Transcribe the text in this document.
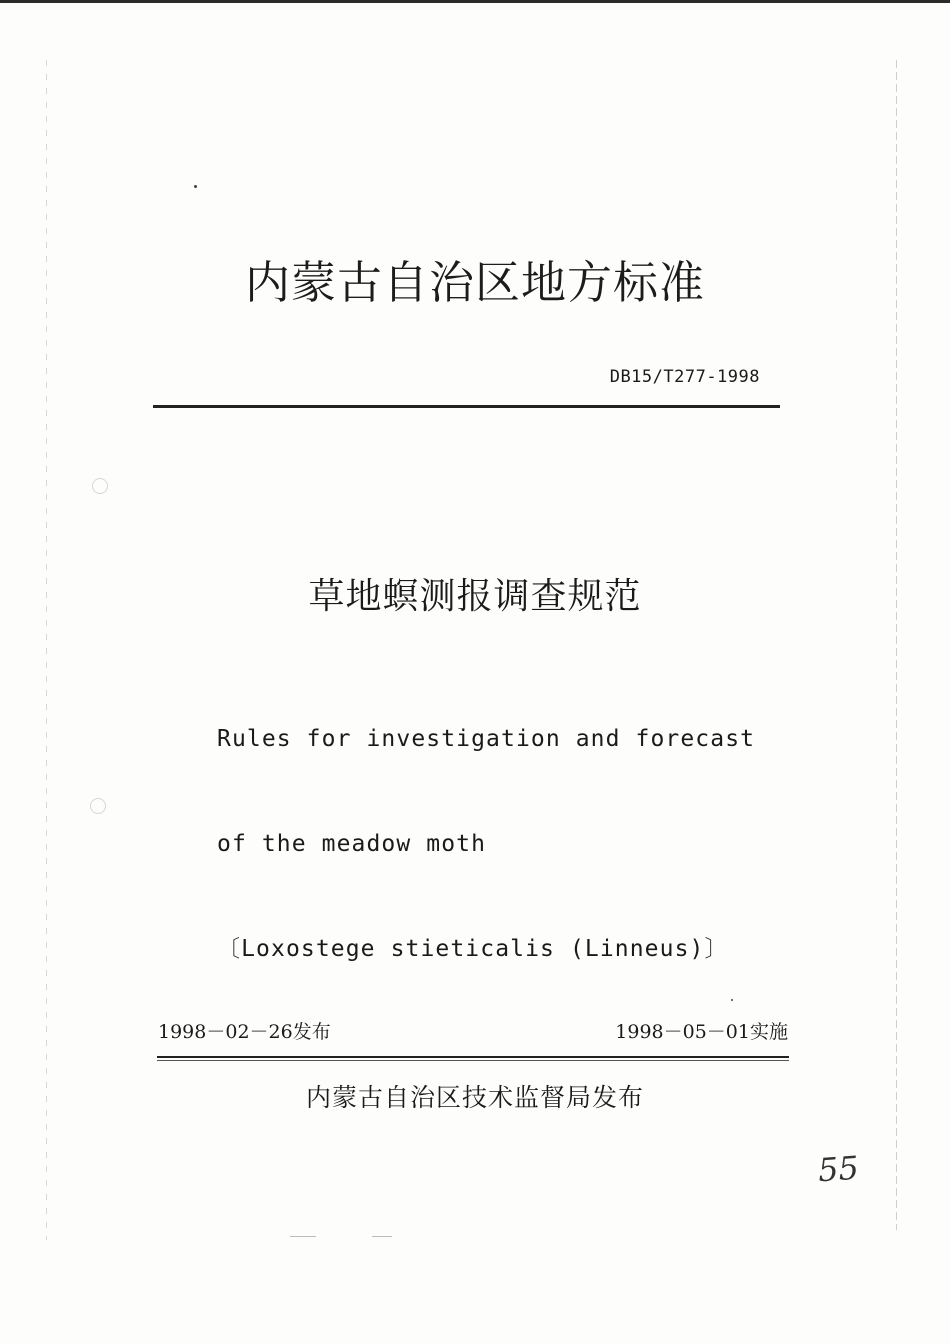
内蒙古自治区地方标准
DB15/T277-1998
草地螟测报调查规范

Rules for investigation and forecast

of the meadow moth

〔Loxostege stieticalis (Linneus)〕

1998－02－26发布	1998－05－01实施
内蒙古自治区技术监督局发布
55
